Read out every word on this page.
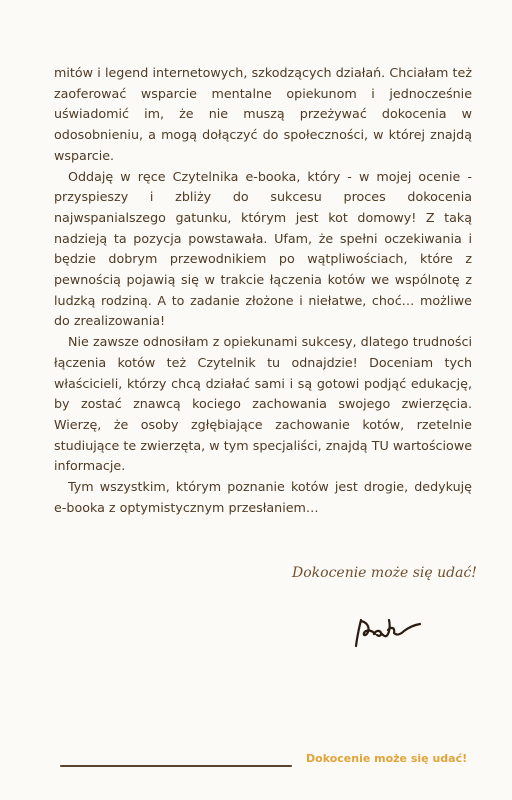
mitów i legend internetowych, szkodzących działań. Chciałam też zaoferować wsparcie mentalne opiekunom i jednocześnie uświadomić im, że nie muszą przeżywać dokocenia w odosobnieniu, a mogą dołączyć do społeczności, w której znajdą wsparcie.

Oddaję w ręce Czytelnika e-booka, który - w mojej ocenie - przyspieszy i zbliży do sukcesu proces dokocenia najwspanialszego gatunku, którym jest kot domowy! Z taką nadzieją ta pozycja powstawała. Ufam, że spełni oczekiwania i będzie dobrym przewodnikiem po wątpliwościach, które z pewnością pojawią się w trakcie łączenia kotów we wspólnotę z ludzką rodziną. A to zadanie złożone i niełatwe, choć… możliwe do zrealizowania!

Nie zawsze odnosiłam z opiekunami sukcesy, dlatego trudności łączenia kotów też Czytelnik tu odnajdzie! Doceniam tych właścicieli, którzy chcą działać sami i są gotowi podjąć edukację, by zostać znawcą kociego zachowania swojego zwierzęcia. Wierzę, że osoby zgłębiające zachowanie kotów, rzetelnie studiujące te zwierzęta, w tym specjaliści, znajdą TU wartościowe informacje.

Tym wszystkim, którym poznanie kotów jest drogie, dedykuję e-booka z optymistycznym przesłaniem…

Dokocenie może się udać!
Dokocenie może się udać!
